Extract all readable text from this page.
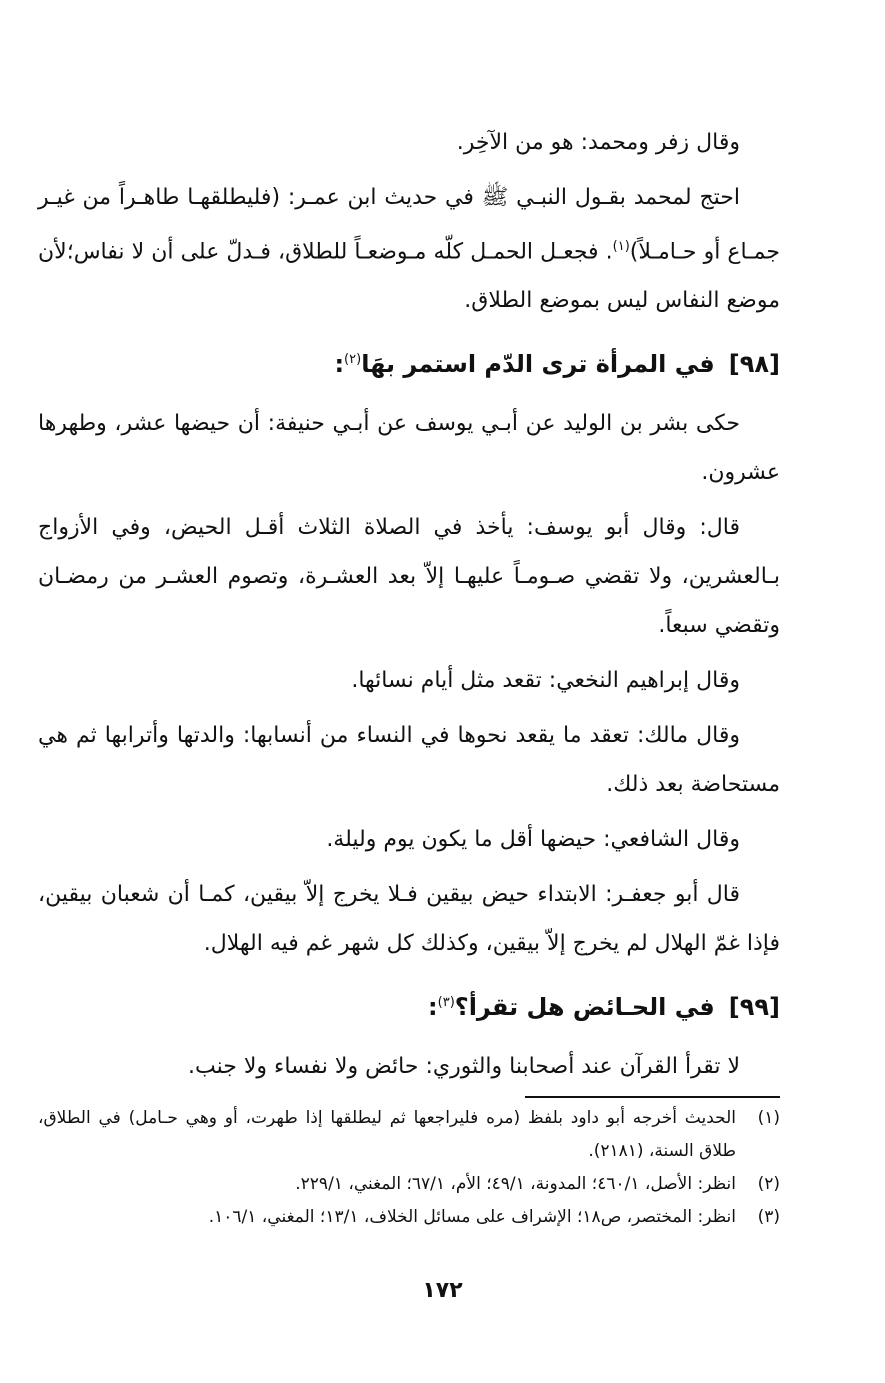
وقال زفر ومحمد: هو من الآخِر.

احتج لمحمد بقـول النبـي ﷺ في حديث ابن عمـر: (فليطلقهـا طاهـراً من غيـر جمـاع أو حـامـلاً)$^{(١)}$. فجعـل الحمـل كلّه مـوضعـاً للطلاق، فـدلّ على أن لا نفاس؛لأن موضع النفاس ليس بموضع الطلاق.

[٩٨]في المرأة ترى الدّم استمر بهَا$^{(٢)}$:

حكى بشر بن الوليد عن أبـي يوسف عن أبـي حنيفة: أن حيضها عشر، وطهرها عشرون.

قال: وقال أبو يوسف: يأخذ في الصلاة الثلاث أقـل الحيض، وفي الأزواج بـالعشرين، ولا تقضي صـومـاً عليهـا إلاّ بعد العشـرة، وتصوم العشـر من رمضـان وتقضي سبعاً.

وقال إبراهيم النخعي: تقعد مثل أيام نسائها.

وقال مالك: تعقد ما يقعد نحوها في النساء من أنسابها: والدتها وأترابها ثم هي مستحاضة بعد ذلك.

وقال الشافعي: حيضها أقل ما يكون يوم وليلة.

قال أبو جعفـر: الابتداء حيض بيقين فـلا يخرج إلاّ بيقين، كمـا أن شعبان بيقين، فإذا غمّ الهلال لم يخرج إلاّ بيقين، وكذلك كل شهر غم فيه الهلال.

[٩٩]في الحـائض هل تقرأ؟$^{(٣)}$:

لا تقرأ القرآن عند أصحابنا والثوري: حائض ولا نفساء ولا جنب.

(١)
الحديث أخرجه أبو داود بلفظ (مره فليراجعها ثم ليطلقها إذا طهرت، أو وهي حـامل) في الطلاق، طلاق السنة، (٢١٨١).
(٢)
انظر: الأصل، ٤٦٠/١؛ المدونة، ٤٩/١؛ الأم، ٦٧/١؛ المغني، ٢٢٩/١.
(٣)
انظر: المختصر، ص١٨؛ الإشراف على مسائل الخلاف، ١٣/١؛ المغني، ١٠٦/١.
١٧٢
